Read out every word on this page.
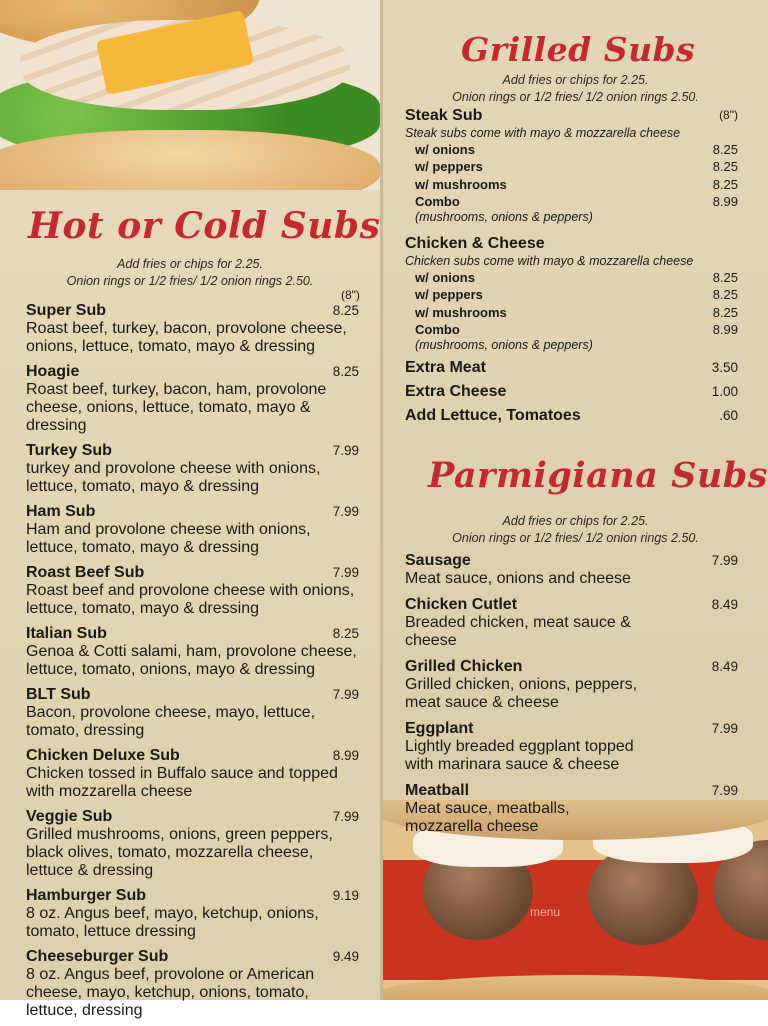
menu
Hot or Cold Subs
Add fries or chips for 2.25.
Onion rings or 1/2 fries/ 1/2 onion rings 2.50.
(8")
Super Sub	8.25
Roast beef, turkey, bacon, provolone cheese, onions, lettuce, tomato, mayo & dressing
Hoagie	8.25
Roast beef, turkey, bacon, ham, provolone cheese, onions, lettuce, tomato, mayo & dressing
Turkey Sub	7.99
turkey and provolone cheese with onions, lettuce, tomato, mayo & dressing
Ham Sub	7.99
Ham and provolone cheese with onions, lettuce, tomato, mayo & dressing
Roast Beef Sub	7.99
Roast beef and provolone cheese with onions, lettuce, tomato, mayo & dressing
Italian Sub	8.25
Genoa & Cotti salami, ham, provolone cheese, lettuce, tomato, onions, mayo & dressing
BLT Sub	7.99
Bacon, provolone cheese, mayo, lettuce, tomato, dressing
Chicken Deluxe Sub	8.99
Chicken tossed in Buffalo sauce and topped with mozzarella cheese
Veggie Sub	7.99
Grilled mushrooms, onions, green peppers, black olives, tomato, mozzarella cheese, lettuce & dressing
Hamburger Sub	9.19
8 oz. Angus beef, mayo, ketchup, onions, tomato, lettuce dressing
Cheeseburger Sub	9.49
8 oz. Angus beef, provolone or American cheese, mayo, ketchup, onions, tomato, lettuce, dressing
Grilled Subs
Add fries or chips for 2.25.
Onion rings or 1/2 fries/ 1/2 onion rings 2.50.
Steak Sub	(8")
Steak subs come with mayo & mozzarella cheese
w/ onions	8.25
w/ peppers	8.25
w/ mushrooms	8.25
Combo	8.99
(mushrooms, onions & peppers)
Chicken & Cheese
Chicken subs come with mayo & mozzarella cheese
w/ onions	8.25
w/ peppers	8.25
w/ mushrooms	8.25
Combo	8.99
(mushrooms, onions & peppers)
Extra Meat	3.50
Extra Cheese	1.00
Add Lettuce, Tomatoes	.60
Parmigiana Subs
Add fries or chips for 2.25.
Onion rings or 1/2 fries/ 1/2 onion rings 2.50.
Sausage	7.99
Meat sauce, onions and cheese
Chicken Cutlet	8.49
Breaded chicken, meat sauce & cheese
Grilled Chicken	8.49
Grilled chicken, onions, peppers, meat sauce & cheese
Eggplant	7.99
Lightly breaded eggplant topped with marinara sauce & cheese
Meatball	7.99
Meat sauce, meatballs, mozzarella cheese
